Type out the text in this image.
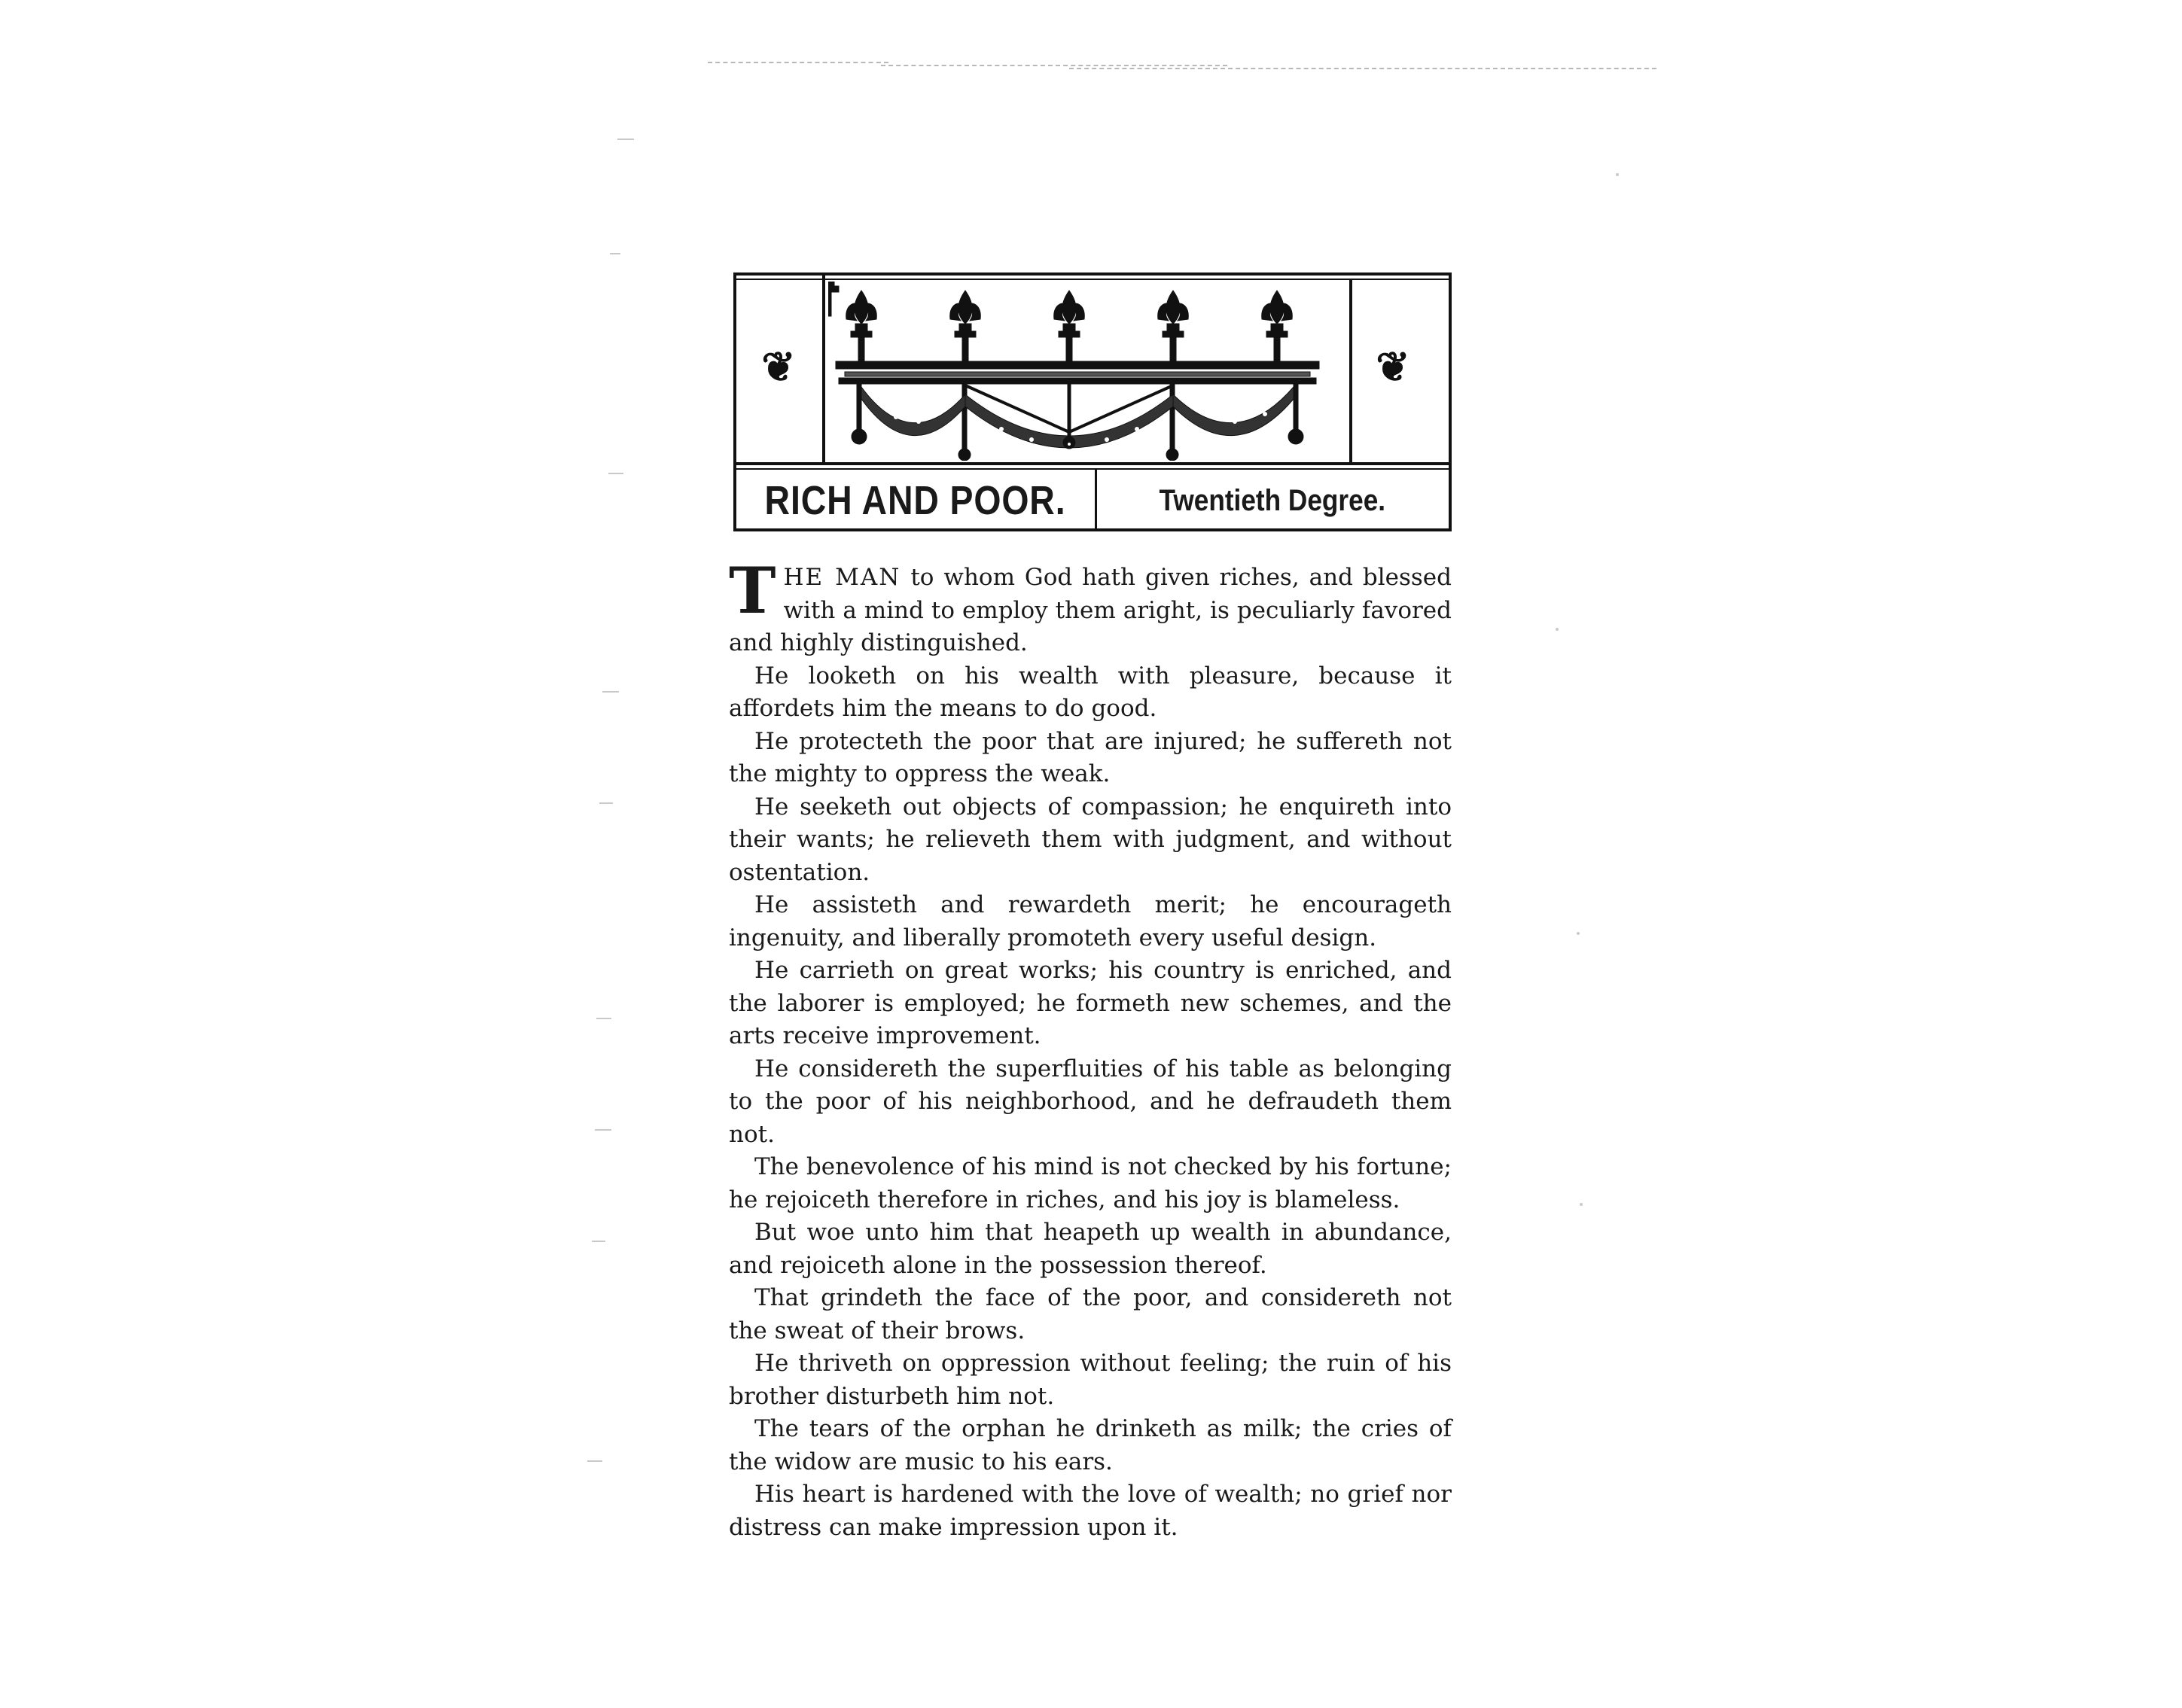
❦	❦
RICH AND POOR.	Twentieth Degree.

THE MAN to whom God hath given riches, and blessed with a mind to employ them aright, is peculiarly favored and highly distinguished.

He looketh on his wealth with pleasure, because it affordets him the means to do good.

He protecteth the poor that are injured; he suffereth not the mighty to oppress the weak.

He seeketh out objects of compassion; he enquireth into their wants; he relieveth them with judgment, and without ostentation.

He assisteth and rewardeth merit; he encourageth ingenuity, and liberally promoteth every useful design.

He carrieth on great works; his country is enriched, and the laborer is employed; he formeth new schemes, and the arts receive improvement.

He considereth the superfluities of his table as belonging to the poor of his neighborhood, and he defraudeth them not.

The benevolence of his mind is not checked by his fortune; he rejoiceth therefore in riches, and his joy is blameless.

But woe unto him that heapeth up wealth in abundance, and rejoiceth alone in the possession thereof.

That grindeth the face of the poor, and considereth not the sweat of their brows.

He thriveth on oppression without feeling; the ruin of his brother disturbeth him not.

The tears of the orphan he drinketh as milk; the cries of the widow are music to his ears.

His heart is hardened with the love of wealth; no grief nor distress can make impression upon it.
